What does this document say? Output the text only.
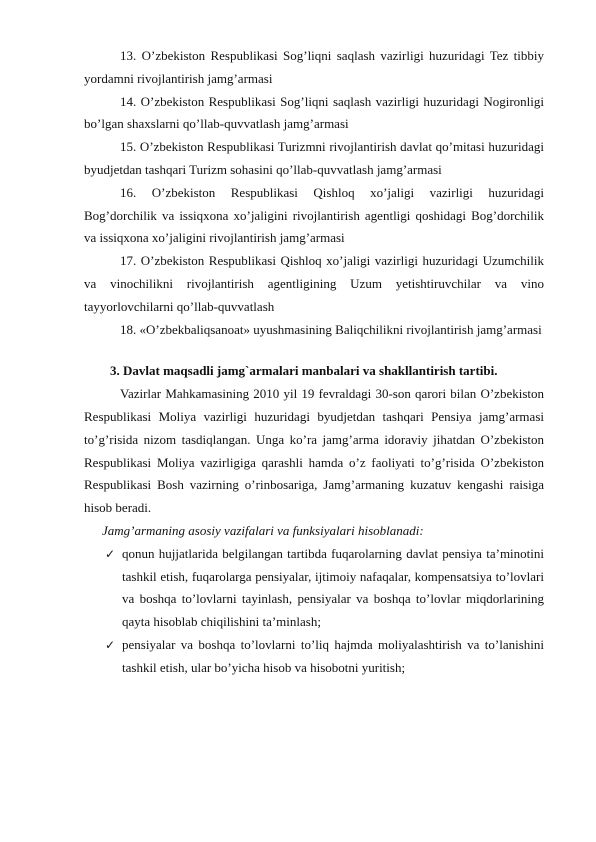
13. O’zbekiston Respublikasi Sog’liqni saqlash vazirligi huzuridagi Tez tibbiy yordamni rivojlantirish jamg’armasi

14. O’zbekiston Respublikasi Sog’liqni saqlash vazirligi huzuridagi Nogironligi bo’lgan shaxslarni qo’llab-quvvatlash jamg’armasi

15. O’zbekiston Respublikasi Turizmni rivojlantirish davlat qo’mitasi huzuridagi byudjetdan tashqari Turizm sohasini qo’llab-quvvatlash jamg’armasi

16. O’zbekiston Respublikasi Qishloq xo’jaligi vazirligi huzuridagi Bog’dorchilik va issiqxona xo’jaligini rivojlantirish agentligi qoshidagi Bog’dorchilik va issiqxona xo’jaligini rivojlantirish jamg’armasi

17. O’zbekiston Respublikasi Qishloq xo’jaligi vazirligi huzuridagi Uzumchilik va vinochilikni rivojlantirish agentligining Uzum yetishtiruvchilar va vino tayyorlovchilarni qo’llab-quvvatlash

18. «O’zbekbaliqsanoat» uyushmasining Baliqchilikni rivojlantirish jamg’armasi

3. Davlat maqsadli jamg`armalari manbalari va shakllantirish tartibi.

Vazirlar Mahkamasining 2010 yil 19 fevraldagi 30-son qarori bilan O’zbekiston Respublikasi Moliya vazirligi huzuridagi byudjetdan tashqari Pensiya jamg’armasi to’g’risida nizom tasdiqlangan. Unga ko’ra jamg’arma idoraviy jihatdan O’zbekiston Respublikasi Moliya vazirligiga qarashli hamda o’z faoliyati to’g’risida O’zbekiston Respublikasi Bosh vazirning o’rinbosariga, Jamg’armaning kuzatuv kengashi raisiga hisob beradi.

Jamg’armaning asosiy vazifalari va funksiyalari hisoblanadi:

✓ qonun hujjatlarida belgilangan tartibda fuqarolarning davlat pensiya ta’minotini tashkil etish, fuqarolarga pensiyalar, ijtimoiy nafaqalar, kompensatsiya to’lovlari va boshqa to’lovlarni tayinlash, pensiyalar va boshqa to’lovlar miqdorlarining qayta hisoblab chiqilishini ta’minlash;
✓ pensiyalar va boshqa to’lovlarni to’liq hajmda moliyalashtirish va to’lanishini tashkil etish, ular bo’yicha hisob va hisobotni yuritish;
